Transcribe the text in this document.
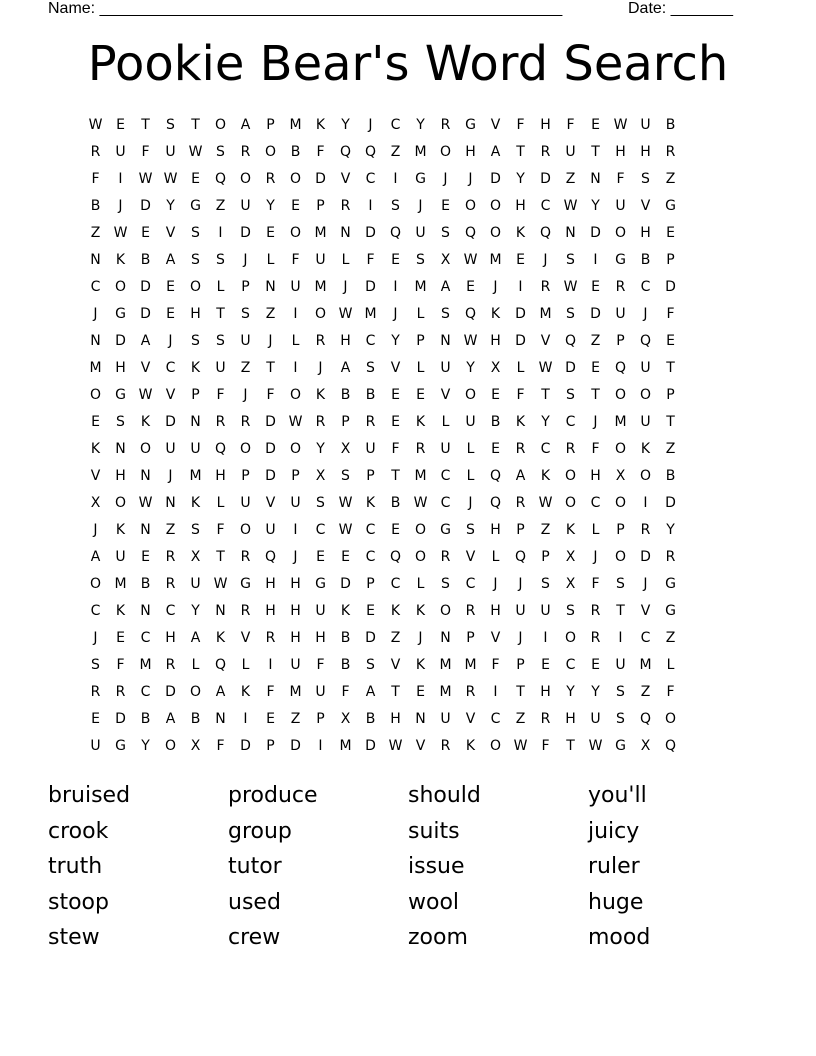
Name: ____________________________________________________	Date: _______
Pookie Bear's Word Search
W E	T	S	T	O	A	P	M	K	Y	J	C	Y	R	G	V	F	H	F	E W U	B
R	U	F	U W S	R	O	B	F	Q Q	Z	M O	H	A	T	R	U	T	H	H	R
F	I	W W E	Q O	R	O	D	V	C	I	G	J	J	D	Y	D	Z	N	F	S	Z
B	J	D	Y	G	Z	U	Y	E	P	R	I	S	J	E	O O	H	C W Y	U	V	G
Z W E	V	S	I	D	E	O M N	D	Q	U	S	Q O	K	Q	N	D	O	H	E
N	K	B	A	S	S	J	L	F	U	L	F	E	S	X W M	E	J	S	I	G	B	P
C	O	D	E	O	L	P	N	U M	J	D	I	M	A	E	J	I	R W E	R	C	D
J	G	D	E	H	T	S	Z	I	O W M	J	L	S	Q	K	D M	S	D	U	J	F
N	D	A	J	S	S	U	J	L	R	H	C	Y	P	N W H	D	V	Q	Z	P	Q	E
M H	V	C	K	U	Z	T	I	J	A	S	V	L	U	Y	X	L	W D	E	Q	U	T
O	G W V	P	F	J	F	O	K	B	B	E	E	V	O	E	F	T	S	T	O O	P
E	S	K	D	N	R	R	D W R	P	R	E	K	L	U	B	K	Y	C	J	M U	T
K	N	O	U	U	Q O	D	O	Y	X	U	F	R	U	L	E	R	C	R	F	O	K	Z
V	H	N	J	M H	P	D	P	X	S	P	T	M	C	L	Q	A	K	O	H	X	O	B
X	O W N	K	L	U	V	U	S W K	B W C	J	Q	R W O	C	O	I	D
J	K	N	Z	S	F	O	U	I	C W C	E	O	G	S	H	P	Z	K	L	P	R	Y
A	U	E	R	X	T	R	Q	J	E	E	C	Q O	R	V	L	Q	P	X	J	O	D	R
O M	B	R	U W G	H	H	G	D	P	C	L	S	C	J	J	S	X	F	S	J	G
C	K	N	C	Y	N	R	H	H	U	K	E	K	K	O	R	H	U	U	S	R	T	V	G
J	E	C	H	A	K	V	R	H	H	B	D	Z	J	N	P	V	J	I	O	R	I	C	Z
S	F	M	R	L	Q	L	I	U	F	B	S	V	K	M M	F	P	E	C	E	U M	L
R	R	C	D	O	A	K	F	M U	F	A	T	E	M	R	I	T	H	Y	Y	S	Z	F
E	D	B	A	B	N	I	E	Z	P	X	B	H	N	U	V	C	Z	R	H	U	S	Q O
U	G	Y	O	X	F	D	P	D	I	M D W V	R	K	O W	F	T W G	X	Q
bruised	produce	should	you'll
crook	group	suits	juicy
truth	tutor	issue	ruler
stoop	used	wool	huge
stew	crew	zoom	mood
